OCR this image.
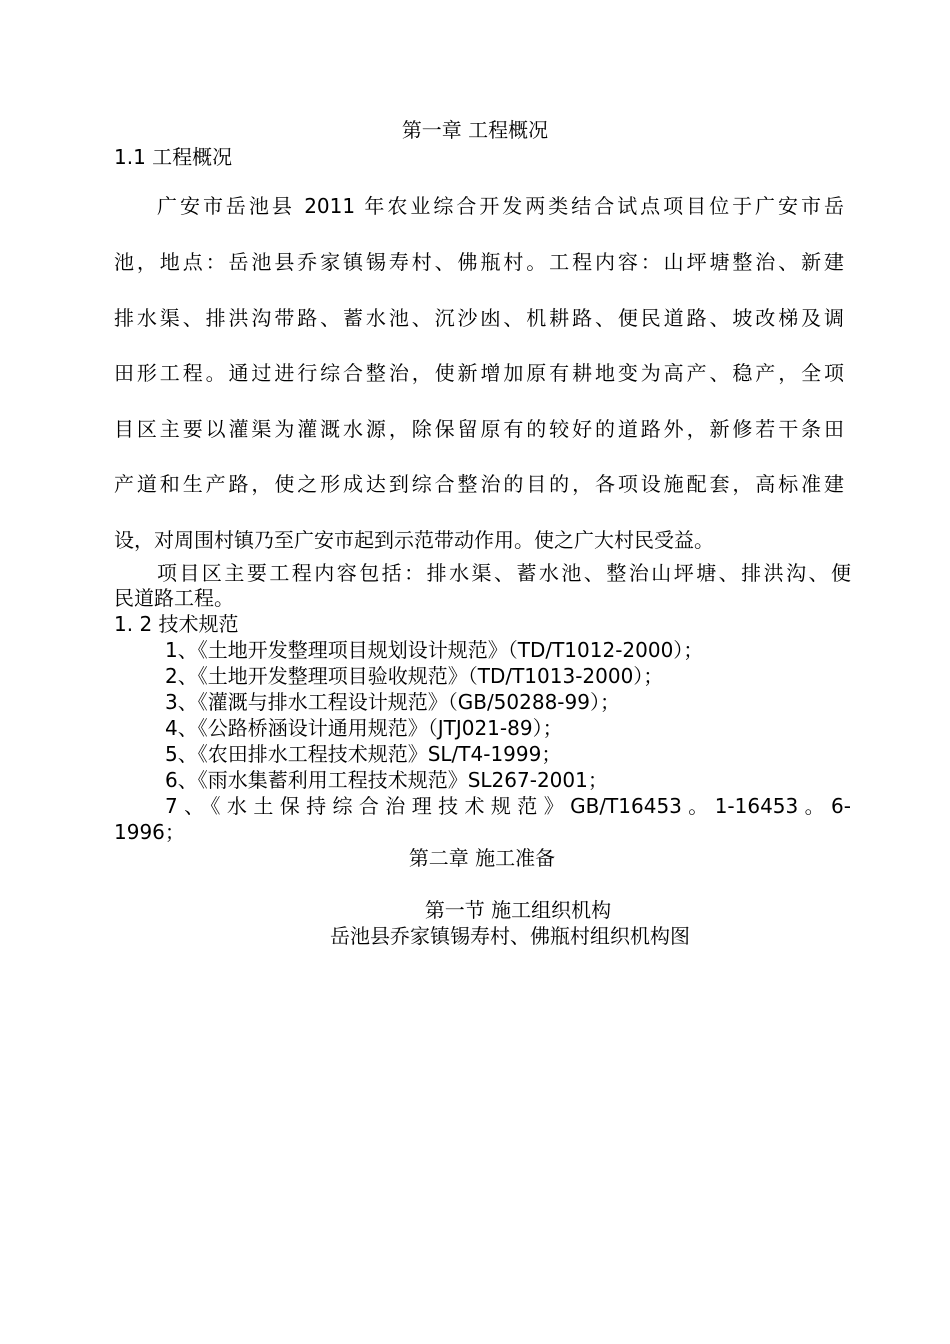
第一章 工程概况
1.1 工程概况
广安市岳池县 2011 年农业综合开发两类结合试点项目位于广安市岳
池，地点：岳池县乔家镇锡寿村、佛瓶村。工程内容：山坪塘整治、新建
排水渠、排洪沟带路、蓄水池、沉沙凼、机耕路、便民道路、坡改梯及调
田形工程。通过进行综合整治，使新增加原有耕地变为高产、稳产，全项
目区主要以灌渠为灌溉水源，除保留原有的较好的道路外，新修若干条田
产道和生产路，使之形成达到综合整治的目的，各项设施配套，高标准建
设，对周围村镇乃至广安市起到示范带动作用。使之广大村民受益。
项目区主要工程内容包括：排水渠、蓄水池、整治山坪塘、排洪沟、便
民道路工程。
1. 2 技术规范
1、《土地开发整理项目规划设计规范》（TD/T1012-2000）；
2、《土地开发整理项目验收规范》（TD/T1013-2000）；
3、《灌溉与排水工程设计规范》（GB/50288-99）；
4、《公路桥涵设计通用规范》（JTJ021-89）；
5、《农田排水工程技术规范》SL/T4-1999；
6、《雨水集蓄利用工程技术规范》SL267-2001；
7、《水土保持综合治理技术规范》GB/T16453。1-16453。6-
1996；
第二章 施工准备
第一节 施工组织机构
岳池县乔家镇锡寿村、佛瓶村组织机构图
